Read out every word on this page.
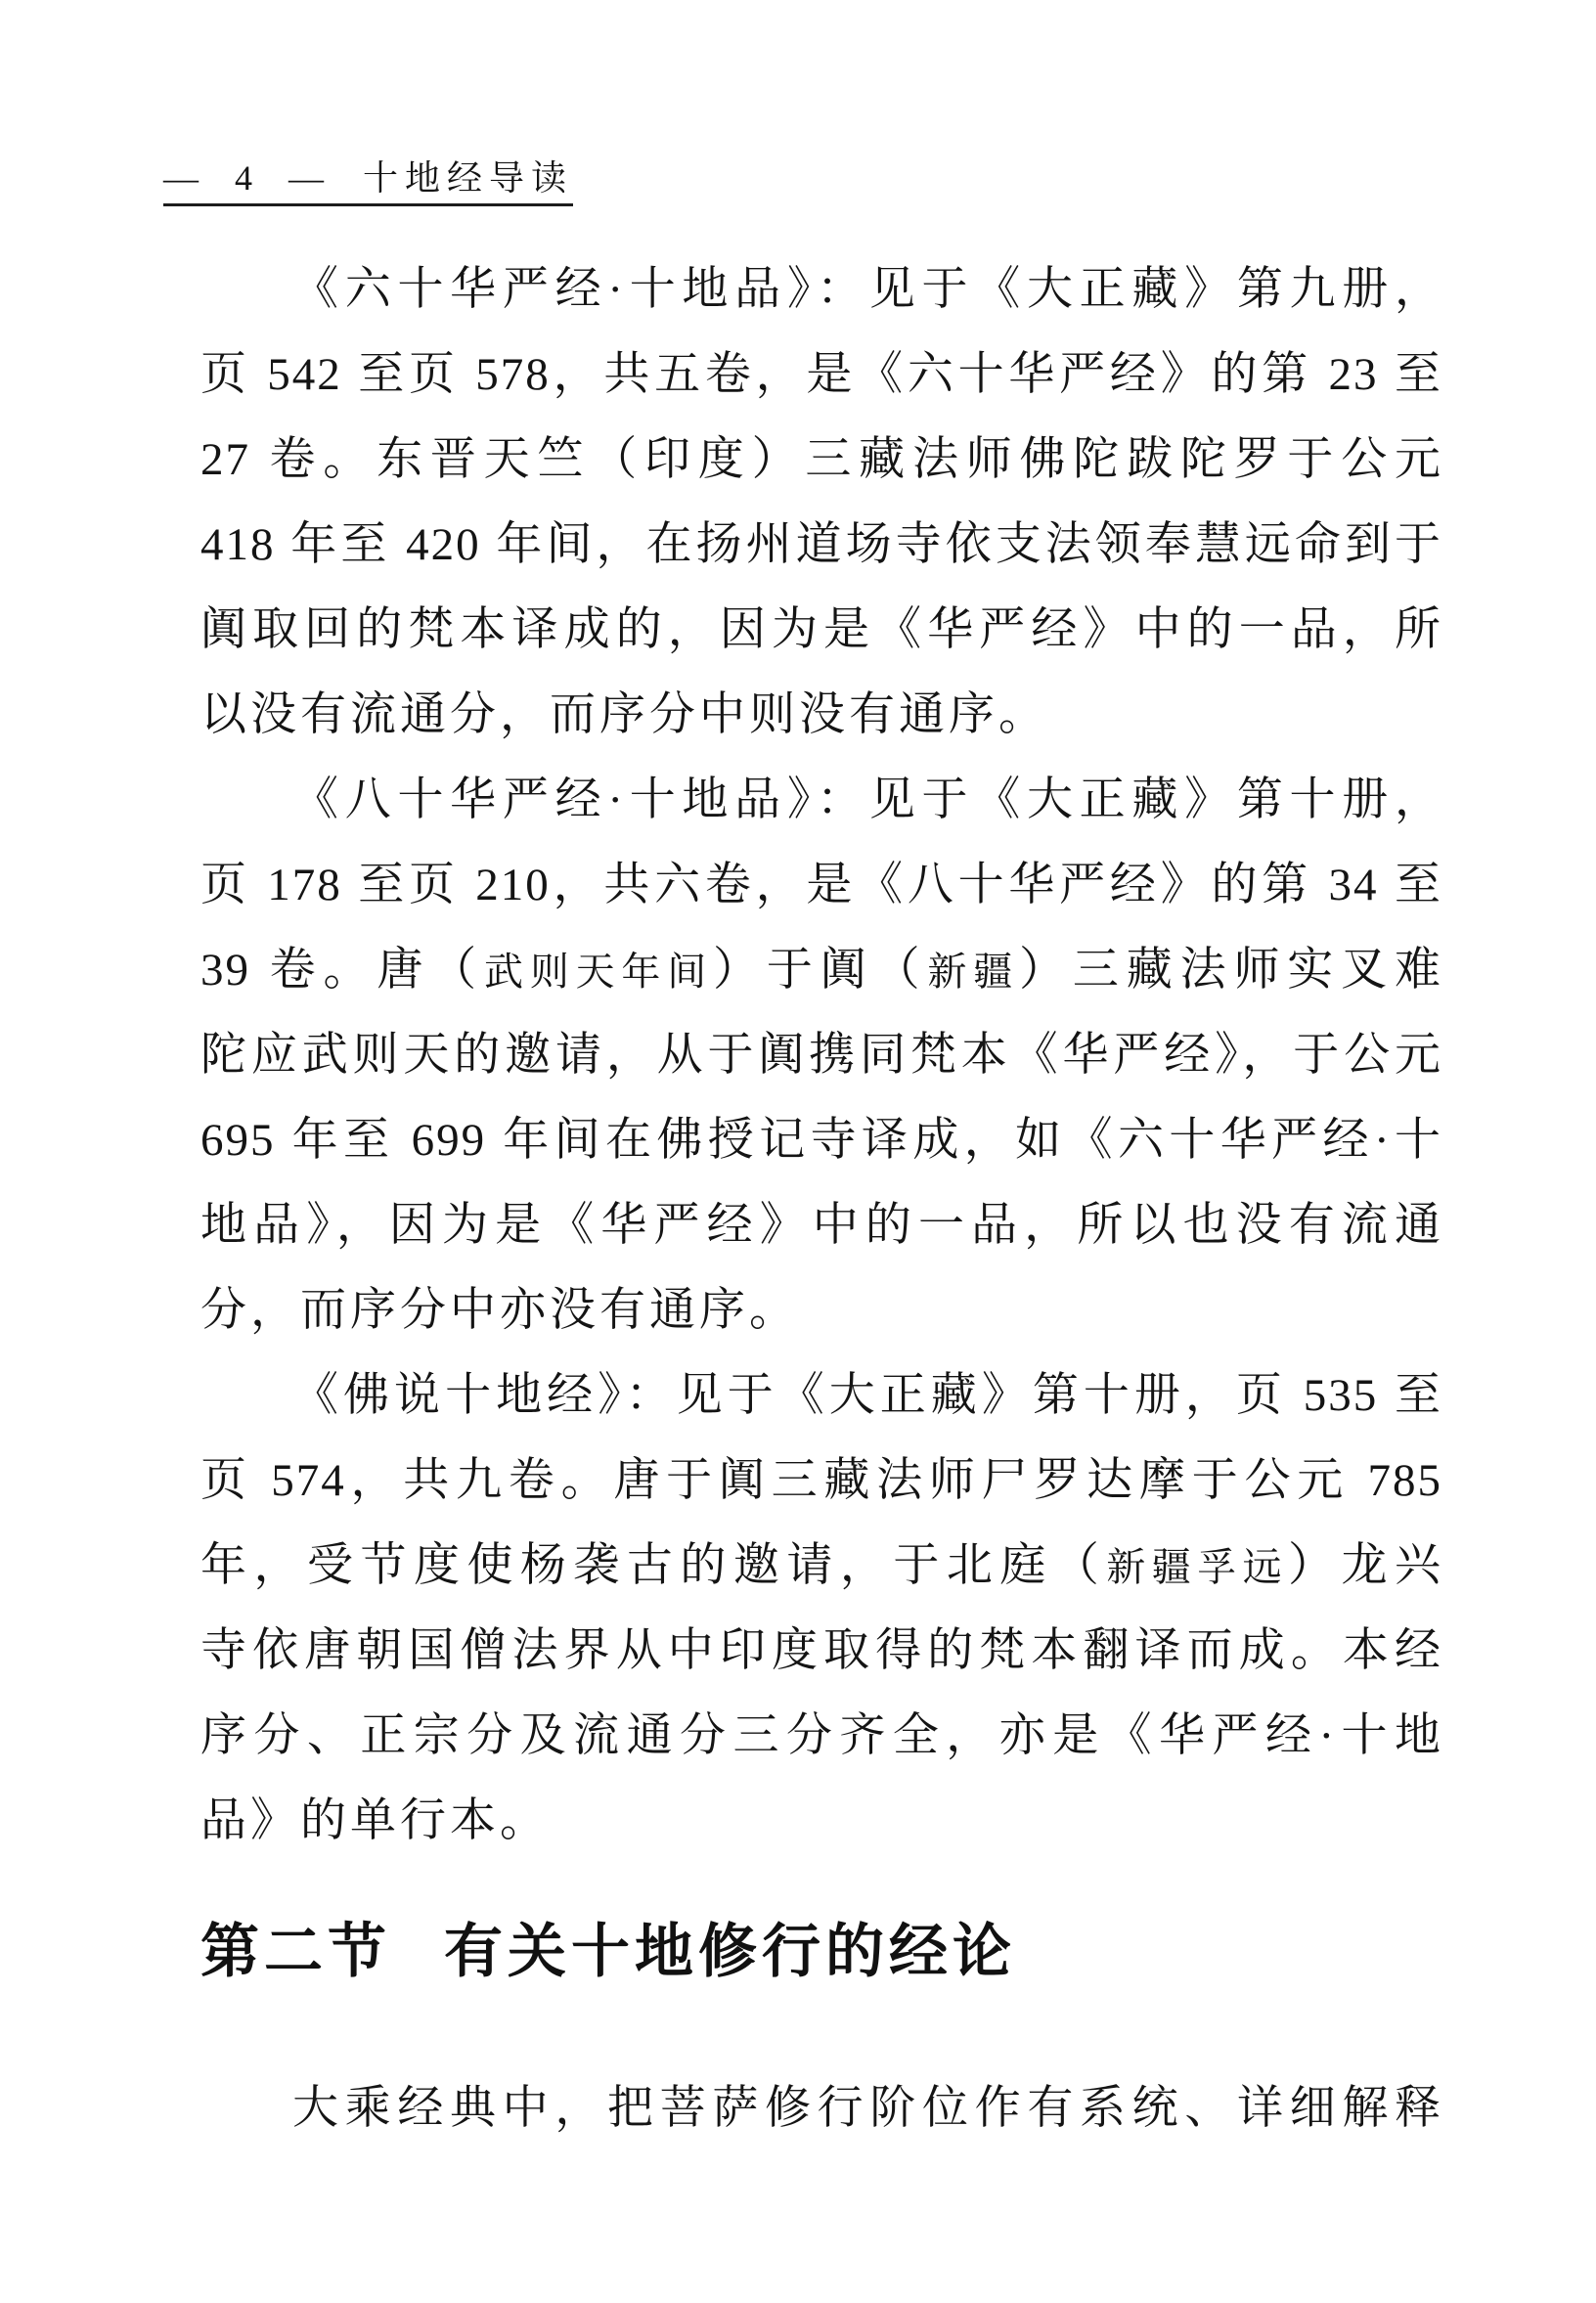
— 4 — 十地经导读
《六十华严经·十地品》：见于《大正藏》第九册，
页 542 至页 578，共五卷，是《六十华严经》的第 23 至
27 卷。东晋天竺（印度）三藏法师佛陀跋陀罗于公元
418 年至 420 年间，在扬州道场寺依支法领奉慧远命到于
阗取回的梵本译成的，因为是《华严经》中的一品，所
以没有流通分，而序分中则没有通序。
《八十华严经·十地品》：见于《大正藏》第十册，
页 178 至页 210，共六卷，是《八十华严经》的第 34 至
39 卷。唐（武则天年间）于阗（新疆）三藏法师实叉难
陀应武则天的邀请，从于阗携同梵本《华严经》，于公元
695 年至 699 年间在佛授记寺译成，如《六十华严经·十
地品》，因为是《华严经》中的一品，所以也没有流通
分，而序分中亦没有通序。
《佛说十地经》：见于《大正藏》第十册，页 535 至
页 574，共九卷。唐于阗三藏法师尸罗达摩于公元 785
年，受节度使杨袭古的邀请，于北庭（新疆孚远）龙兴
寺依唐朝国僧法界从中印度取得的梵本翻译而成。本经
序分、正宗分及流通分三分齐全，亦是《华严经·十地
品》的单行本。
第二节 有关十地修行的经论
大乘经典中，把菩萨修行阶位作有系统、详细解释
